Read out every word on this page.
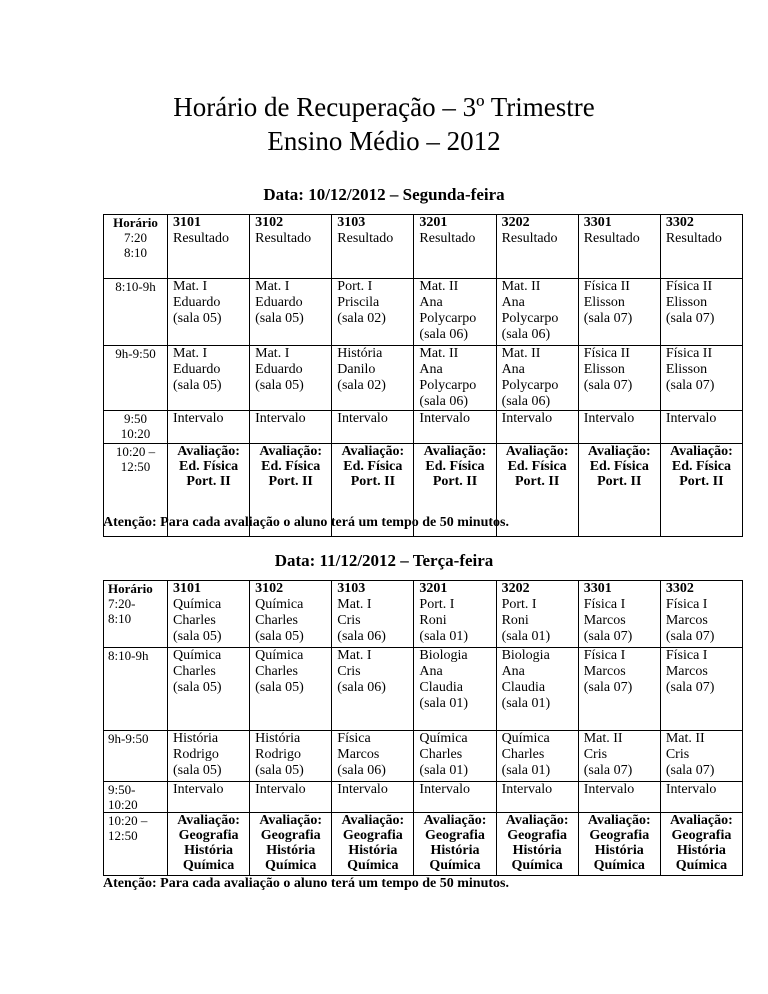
Horário de Recuperação – 3º Trimestre
Ensino Médio – 2012
Data: 10/12/2012 – Segunda-feira
Horário
7:20
8:10	3101
Resultado	3102
Resultado	3103
Resultado	3201
Resultado	3202
Resultado	3301
Resultado	3302
Resultado

8:10-9h	Mat. I
Eduardo
(sala 05)	Mat. I
Eduardo
(sala 05)	Port. I
Priscila
(sala 02)	Mat. II
Ana
Polycarpo
(sala 06)	Mat. II
Ana
Polycarpo
(sala 06)	Física II
Elisson
(sala 07)	Física II
Elisson
(sala 07)

9h-9:50	Mat. I
Eduardo
(sala 05)	Mat. I
Eduardo
(sala 05)	História
Danilo
(sala 02)	Mat. II
Ana
Polycarpo
(sala 06)	Mat. II
Ana
Polycarpo
(sala 06)	Física II
Elisson
(sala 07)	Física II
Elisson
(sala 07)

9:50
10:20	Intervalo	Intervalo	Intervalo	Intervalo	Intervalo	Intervalo	Intervalo

10:20 –
12:50	Avaliação:
Ed. Física
Port. II	Avaliação:
Ed. Física
Port. II	Avaliação:
Ed. Física
Port. II	Avaliação:
Ed. Física
Port. II	Avaliação:
Ed. Física
Port. II	Avaliação:
Ed. Física
Port. II	Avaliação:
Ed. Física
Port. II
Atenção: Para cada avaliação o aluno terá um tempo de 50 minutos.
Data: 11/12/2012 – Terça-feira
Horário
7:20-
8:10	3101
Química
Charles
(sala 05)	3102
Química
Charles
(sala 05)	3103
Mat. I
Cris
(sala 06)	3201
Port. I
Roni
(sala 01)	3202
Port. I
Roni
(sala 01)	3301
Física I
Marcos
(sala 07)	3302
Física I
Marcos
(sala 07)

8:10-9h	Química
Charles
(sala 05)	Química
Charles
(sala 05)	Mat. I
Cris
(sala 06)	Biologia
Ana
Claudia
(sala 01)	Biologia
Ana
Claudia
(sala 01)	Física I
Marcos
(sala 07)	Física I
Marcos
(sala 07)

9h-9:50	História
Rodrigo
(sala 05)	História
Rodrigo
(sala 05)	Física
Marcos
(sala 06)	Química
Charles
(sala 01)	Química
Charles
(sala 01)	Mat. II
Cris
(sala 07)	Mat. II
Cris
(sala 07)

9:50-
10:20	Intervalo	Intervalo	Intervalo	Intervalo	Intervalo	Intervalo	Intervalo

10:20 –
12:50	Avaliação:
Geografia
História
Química	Avaliação:
Geografia
História
Química	Avaliação:
Geografia
História
Química	Avaliação:
Geografia
História
Química	Avaliação:
Geografia
História
Química	Avaliação:
Geografia
História
Química	Avaliação:
Geografia
História
Química
Atenção: Para cada avaliação o aluno terá um tempo de 50 minutos.
